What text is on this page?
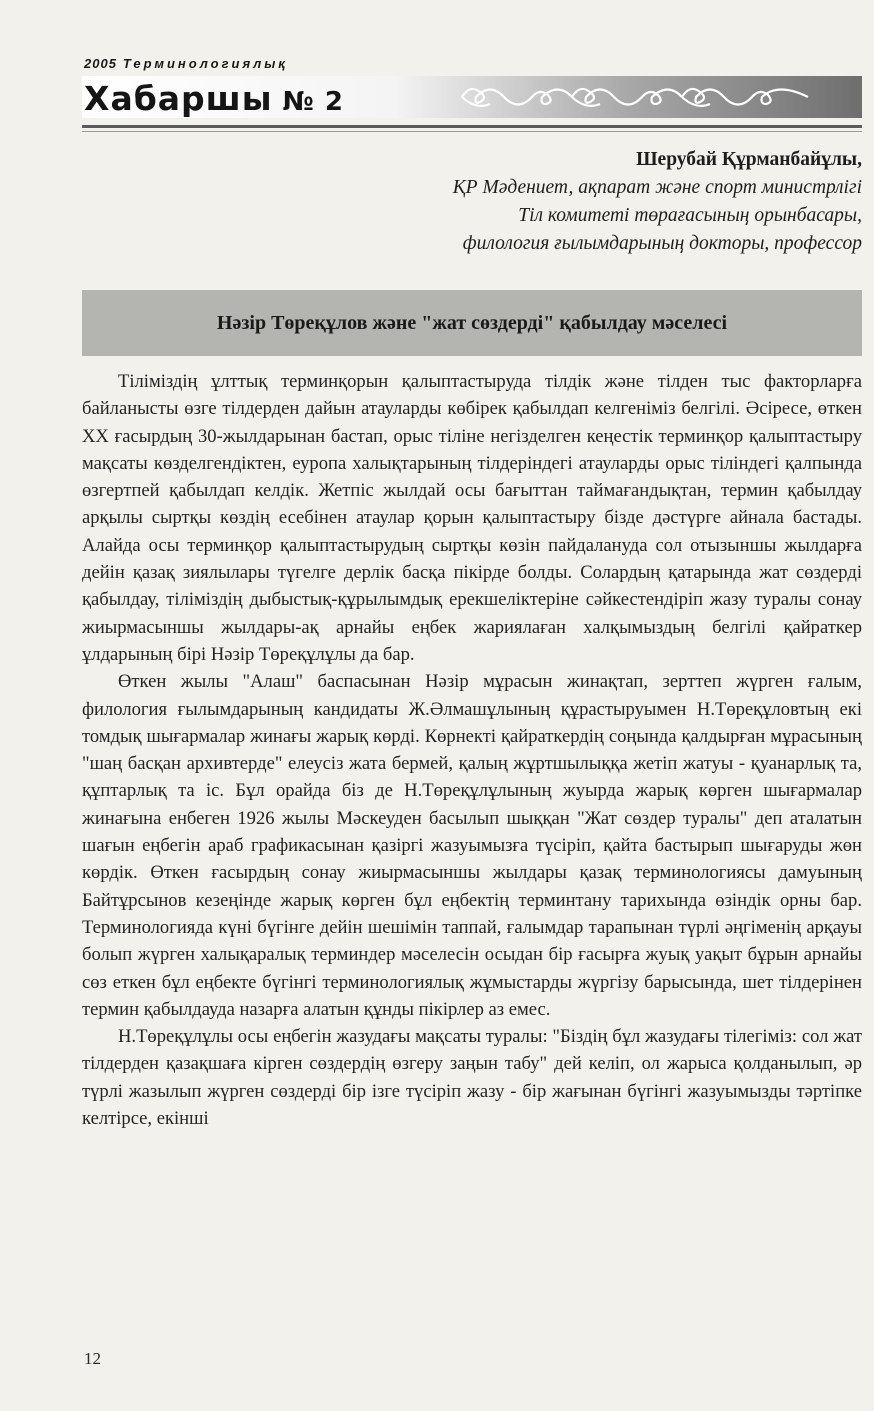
2005 Терминологиялық
Хабаршы № 2
Шерубай Құрманбайұлы,
ҚР Мәдениет, ақпарат және спорт министрлігі
Тіл комитеті төрағасының орынбасары,
филология ғылымдарының докторы, профессор
Нәзір Төреқұлов және "жат сөздерді" қабылдау мәселесі

Тіліміздің ұлттық терминқорын қалыптастыруда тілдік және тілден тыс факторларға байланысты өзге тілдерден дайын атауларды көбірек қабылдап келгеніміз белгілі. Әсіресе, өткен ХХ ғасырдың 30-жылдарынан бастап, орыс тіліне негізделген кеңестік терминқор қалыптастыру мақсаты көзделгендіктен, еуропа халықтарының тілдеріндегі атауларды орыс тіліндегі қалпында өзгертпей қабылдап келдік. Жетпіс жылдай осы бағыттан таймағандықтан, термин қабылдау арқылы сыртқы көздің есебінен атаулар қорын қалыптастыру бізде дәстүрге айнала бастады. Алайда осы терминқор қалыптастырудың сыртқы көзін пайдалануда сол отызыншы жылдарға дейін қазақ зиялылары түгелге дерлік басқа пікірде болды. Солардың қатарында жат сөздерді қабылдау, тіліміздің дыбыстық-құрылымдық ерекшеліктеріне сәйкестендіріп жазу туралы сонау жиырмасыншы жылдары-ақ арнайы еңбек жариялаған халқымыздың белгілі қайраткер ұлдарының бірі Нәзір Төреқұлұлы да бар.

Өткен жылы "Алаш" баспасынан Нәзір мұрасын жинақтап, зерттеп жүрген ғалым, филология ғылымдарының кандидаты Ж.Әлмашұлының құрастыруымен Н.Төреқұловтың екі томдық шығармалар жинағы жарық көрді. Көрнекті қайраткердің соңында қалдырған мұрасының "шаң басқан архивтерде" елеусіз жата бермей, қалың жұртшылыққа жетіп жатуы - қуанарлық та, құптарлық та іс. Бұл орайда біз де Н.Төреқұлұлының жуырда жарық көрген шығармалар жинағына енбеген 1926 жылы Мәскеуден басылып шыққан "Жат сөздер туралы" деп аталатын шағын еңбегін араб графикасынан қазіргі жазуымызға түсіріп, қайта бастырып шығаруды жөн көрдік. Өткен ғасырдың сонау жиырмасыншы жылдары қазақ терминологиясы дамуының Байтұрсынов кезеңінде жарық көрген бұл еңбектің терминтану тарихында өзіндік орны бар. Терминологияда күні бүгінге дейін шешімін таппай, ғалымдар тарапынан түрлі әңгіменің арқауы болып жүрген халықаралық терминдер мәселесін осыдан бір ғасырға жуық уақыт бұрын арнайы сөз еткен бұл еңбекте бүгінгі терминологиялық жұмыстарды жүргізу барысында, шет тілдерінен термин қабылдауда назарға алатын құнды пікірлер аз емес.

Н.Төреқұлұлы осы еңбегін жазудағы мақсаты туралы: "Біздің бұл жазудағы тілегіміз: сол жат тілдерден қазақшаға кірген сөздердің өзгеру заңын табу" дей келіп, ол жарыса қолданылып, әр түрлі жазылып жүрген сөздерді бір ізге түсіріп жазу - бір жағынан бүгінгі жазуымызды тәртіпке келтірсе, екінші

12
